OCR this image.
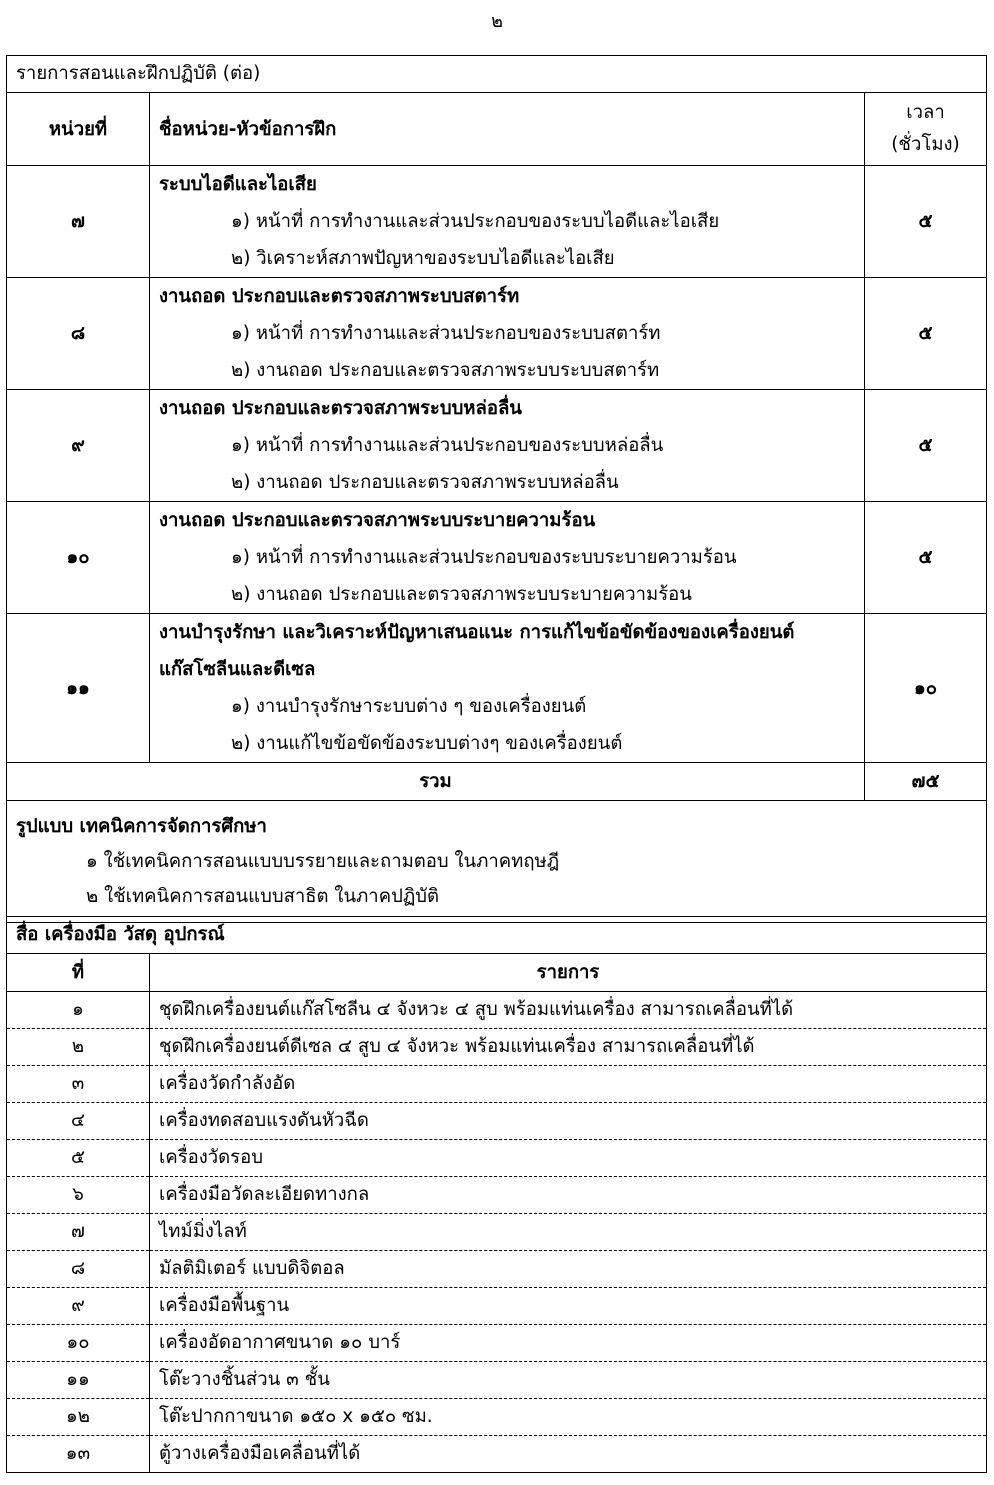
๒
รายการสอนและฝึกปฏิบัติ (ต่อ)		
หน่วยที่	ชื่อหน่วย-หัวข้อการฝึก	เวลา
(ชั่วโมง)

๗	ระบบไอดีและไอเสีย
๑) หน้าที่ การทำงานและส่วนประกอบของระบบไอดีและไอเสีย
๒) วิเคราะห์สภาพปัญหาของระบบไอดีและไอเสีย	๕
๘	งานถอด ประกอบและตรวจสภาพระบบสตาร์ท
๑) หน้าที่ การทำงานและส่วนประกอบของระบบสตาร์ท
๒) งานถอด ประกอบและตรวจสภาพระบบระบบสตาร์ท	๕
๙	งานถอด ประกอบและตรวจสภาพระบบหล่อลื่น
๑) หน้าที่ การทำงานและส่วนประกอบของระบบหล่อลื่น
๒) งานถอด ประกอบและตรวจสภาพระบบหล่อลื่น	๕
๑๐	งานถอด ประกอบและตรวจสภาพระบบระบายความร้อน
๑) หน้าที่ การทำงานและส่วนประกอบของระบบระบายความร้อน
๒) งานถอด ประกอบและตรวจสภาพระบบระบายความร้อน	๕
๑๑	งานบำรุงรักษา และวิเคราะห์ปัญหาเสนอแนะ การแก้ไขข้อขัดข้องของเครื่องยนต์
แก๊สโซลีนและดีเซล
๑) งานบำรุงรักษาระบบต่าง ๆ ของเครื่องยนต์
๒) งานแก้ไขข้อขัดข้องระบบต่างๆ ของเครื่องยนต์	๑๐
รวม		๗๕

รูปแบบ เทคนิคการจัดการศึกษา
๑ ใช้เทคนิคการสอนแบบบรรยายและถามตอบ ในภาคทฤษฎี
๒ ใช้เทคนิคการสอนแบบสาธิต ในภาคปฏิบัติ		
สื่อ เครื่องมือ วัสดุ อุปกรณ์	
ที่	รายการ
๑	ชุดฝึกเครื่องยนต์แก๊สโซลีน ๔ จังหวะ ๔ สูบ พร้อมแท่นเครื่อง สามารถเคลื่อนที่ได้
๒	ชุดฝึกเครื่องยนต์ดีเซล ๔ สูบ ๔ จังหวะ พร้อมแท่นเครื่อง สามารถเคลื่อนที่ได้
๓	เครื่องวัดกำลังอัด
๔	เครื่องทดสอบแรงดันหัวฉีด
๕	เครื่องวัดรอบ
๖	เครื่องมือวัดละเอียดทางกล
๗	ไทม์มิ่งไลท์
๘	มัลติมิเตอร์ แบบดิจิตอล
๙	เครื่องมือพื้นฐาน
๑๐	เครื่องอัดอากาศขนาด ๑๐ บาร์
๑๑	โต๊ะวางชิ้นส่วน ๓ ชั้น
๑๒	โต๊ะปากกาขนาด ๑๕๐ x ๑๕๐ ซม.
๑๓	ตู้วางเครื่องมือเคลื่อนที่ได้
